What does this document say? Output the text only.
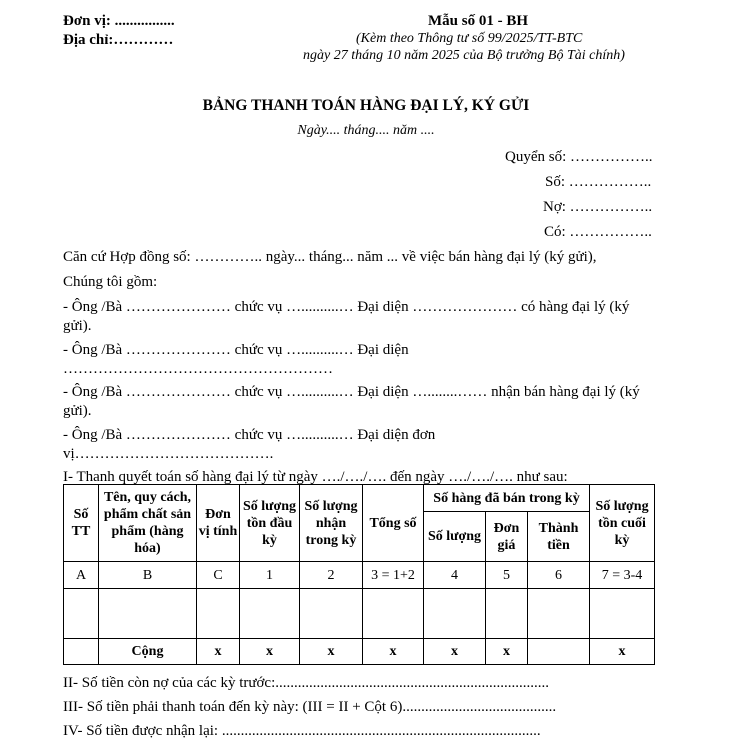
Đơn vị: ................
Địa chỉ:…………
Mẫu số 01 - BH
(Kèm theo Thông tư số 99/2025/TT-BTC
ngày 27 tháng 10 năm 2025 của Bộ trưởng Bộ Tài chính)
BẢNG THANH TOÁN HÀNG ĐẠI LÝ, KÝ GỬI
Ngày.... tháng.... năm ....
Quyển số: ……………..
Số: ……………..
Nợ: ……………..
Có: ……………..
Căn cứ Hợp đồng số: ………….. ngày... tháng... năm ... về việc bán hàng đại lý (ký gửi),
Chúng tôi gồm:
- Ông /Bà ………………… chức vụ …..........… Đại diện ………………… có hàng đại lý (ký
gửi).
- Ông /Bà ………………… chức vụ …..........… Đại diện
………………………………………………
- Ông /Bà ………………… chức vụ …..........… Đại diện …........…… nhận bán hàng đại lý (ký
gửi).
- Ông /Bà ………………… chức vụ …..........… Đại diện đơn
vị………………………………….
I- Thanh quyết toán số hàng đại lý từ ngày …./…./…. đến ngày …./…./…. như sau:
Số TT	Tên, quy cách, phẩm chất sản phẩm (hàng hóa)	Đơn vị tính	Số lượng tồn đầu kỳ	Số lượng nhận trong kỳ	Tổng số	Số hàng đã bán trong kỳ			Số lượng tồn cuối kỳ
						Số lượng	Đơn giá	Thành tiền	
A	B	C	1	2	3 = 1+2	4	5	6	7 = 3-4

	Cộng	x	x	x	x	x	x		x
II- Số tiền còn nợ của các kỳ trước:.........................................................................
III- Số tiền phải thanh toán đến kỳ này: (III = II + Cột 6).........................................
IV- Số tiền được nhận lại: .....................................................................................
